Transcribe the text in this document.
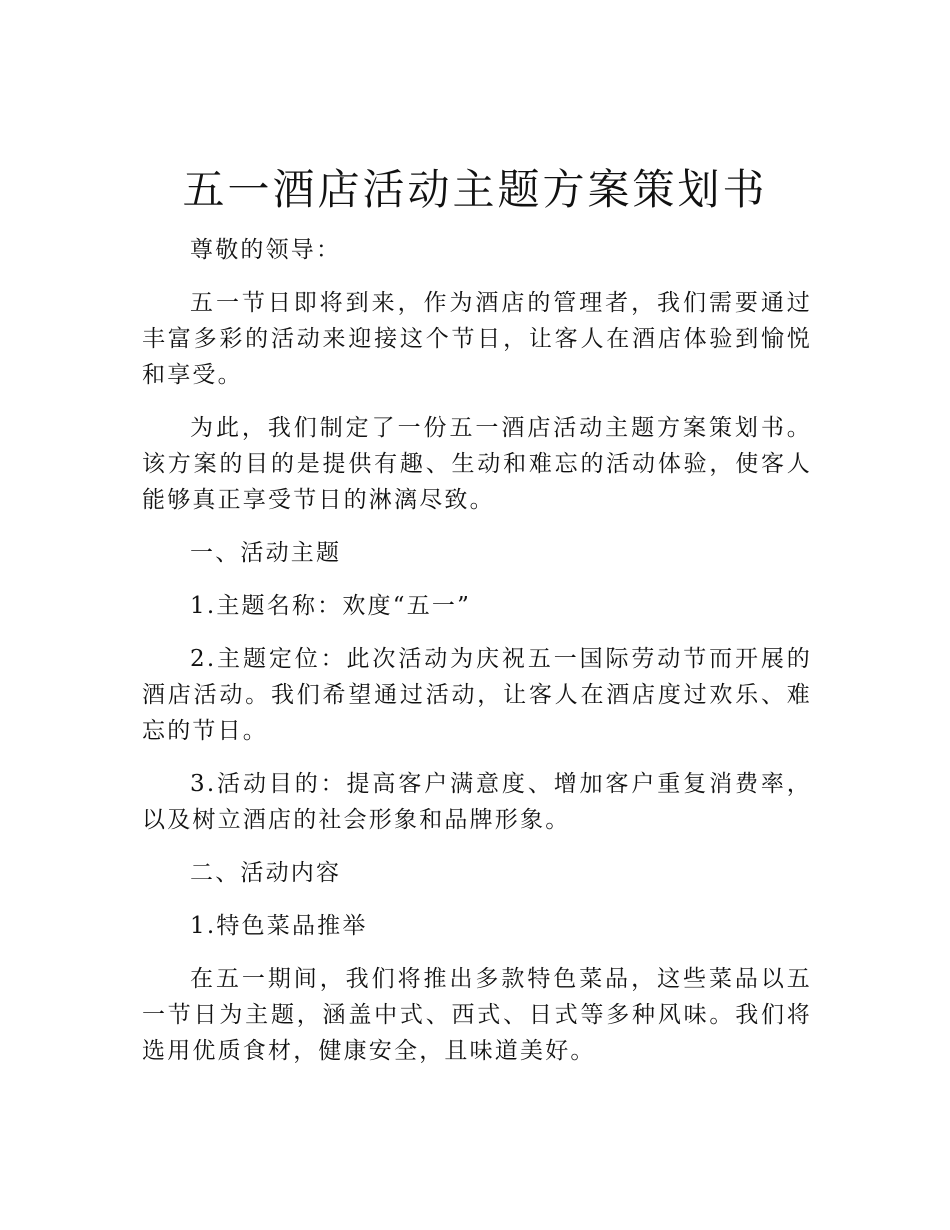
五一酒店活动主题方案策划书

尊敬的领导：

五一节日即将到来，作为酒店的管理者，我们需要通过丰富多彩的活动来迎接这个节日，让客人在酒店体验到愉悦和享受。

为此，我们制定了一份五一酒店活动主题方案策划书。该方案的目的是提供有趣、生动和难忘的活动体验，使客人能够真正享受节日的淋漓尽致。

一、活动主题

1.主题名称：欢度“五一”

2.主题定位：此次活动为庆祝五一国际劳动节而开展的酒店活动。我们希望通过活动，让客人在酒店度过欢乐、难忘的节日。

3.活动目的：提高客户满意度、增加客户重复消费率，以及树立酒店的社会形象和品牌形象。

二、活动内容

1.特色菜品推举

在五一期间，我们将推出多款特色菜品，这些菜品以五一节日为主题，涵盖中式、西式、日式等多种风味。我们将选用优质食材，健康安全，且味道美好。
